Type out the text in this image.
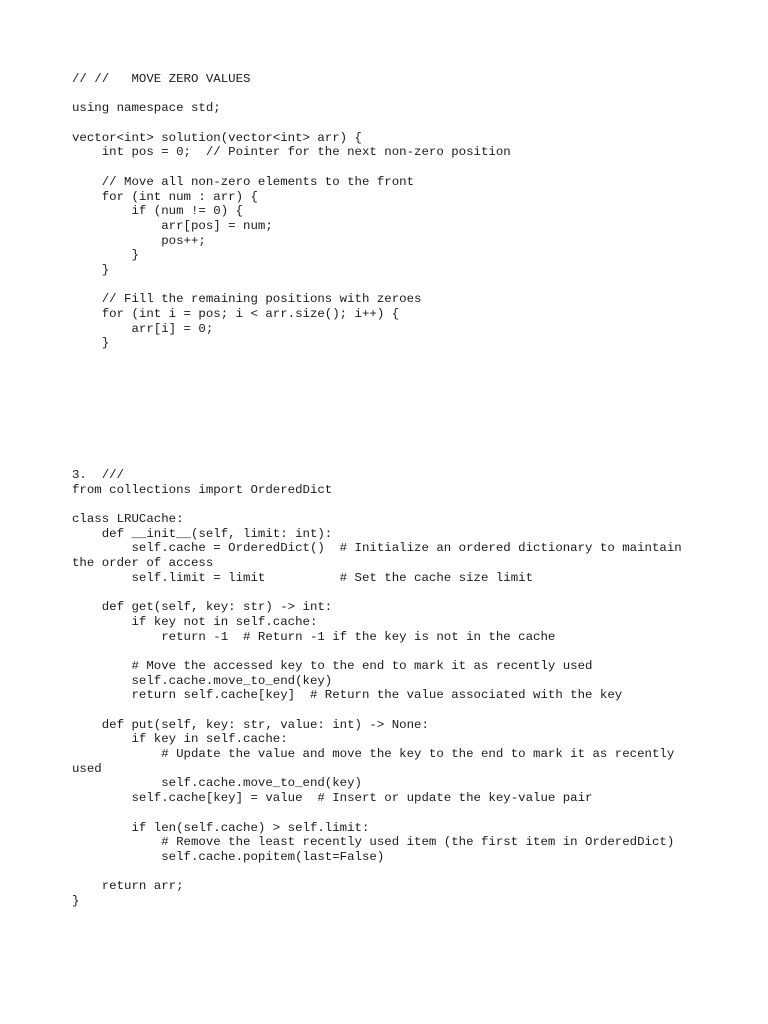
// //   MOVE ZERO VALUES

using namespace std;

vector<int> solution(vector<int> arr) {
int pos = 0;  // Pointer for the next non-zero position

// Move all non-zero elements to the front
for (int num : arr) {
if (num != 0) {
arr[pos] = num;
pos++;
}
}

// Fill the remaining positions with zeroes
for (int i = pos; i < arr.size(); i++) {
arr[i] = 0;
}
3.  ///
from collections import OrderedDict

class LRUCache:
def __init__(self, limit: int):
self.cache = OrderedDict()  # Initialize an ordered dictionary to maintain
the order of access
self.limit = limit          # Set the cache size limit

def get(self, key: str) -> int:
if key not in self.cache:
return -1  # Return -1 if the key is not in the cache

# Move the accessed key to the end to mark it as recently used
self.cache.move_to_end(key)
return self.cache[key]  # Return the value associated with the key

def put(self, key: str, value: int) -> None:
if key in self.cache:
# Update the value and move the key to the end to mark it as recently
used
self.cache.move_to_end(key)
self.cache[key] = value  # Insert or update the key-value pair

if len(self.cache) > self.limit:
# Remove the least recently used item (the first item in OrderedDict)
self.cache.popitem(last=False)

return arr;
}
